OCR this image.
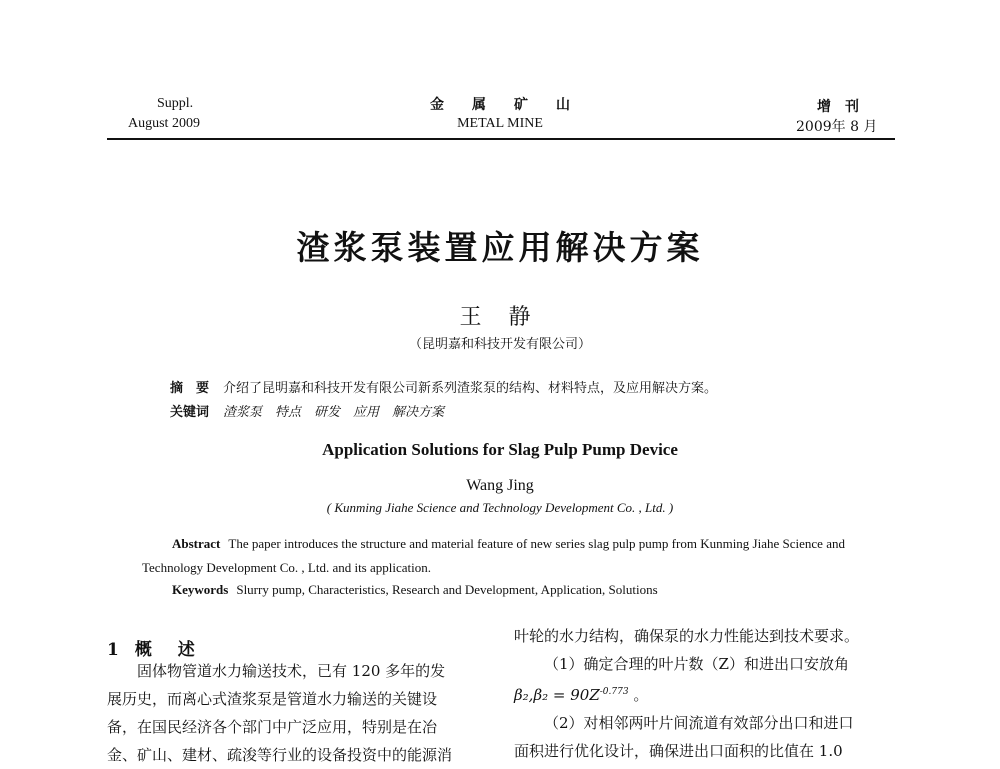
Suppl.
August 2009
金　　属　　矿　　山
METAL MINE
增　刊
2009年 8 月
渣浆泵装置应用解决方案
王 静
（昆明嘉和科技开发有限公司）
摘　要 介绍了昆明嘉和科技开发有限公司新系列渣浆泵的结构、材料特点，及应用解决方案。
关键词 渣浆泵　特点　研发　应用　解决方案
Application Solutions for Slag Pulp Pump Device
Wang Jing
( Kunming Jiahe Science and Technology Development Co. , Ltd. )
Abstract The paper introduces the structure and material feature of new series slag pulp pump from Kunming Jiahe Science and Technology Development Co. , Ltd. and its application.
Keywords Slurry pump, Characteristics, Research and Development, Application, Solutions
1 概 述

固体物管道水力输送技术，已有 120 多年的发

展历史，而离心式渣浆泵是管道水力输送的关键设

备，在国民经济各个部门中广泛应用，特别是在冶

金、矿山、建材、疏浚等行业的设备投资中的能源消

叶轮的水力结构，确保泵的水力性能达到技术要求。

（1）确定合理的叶片数（Z）和进出口安放角

$\beta_2,\beta_2 = 90Z^{-0.773}$ 。

（2）对相邻两叶片间流道有效部分出口和进口

面积进行优化设计，确保进出口面积的比值在 1.0
